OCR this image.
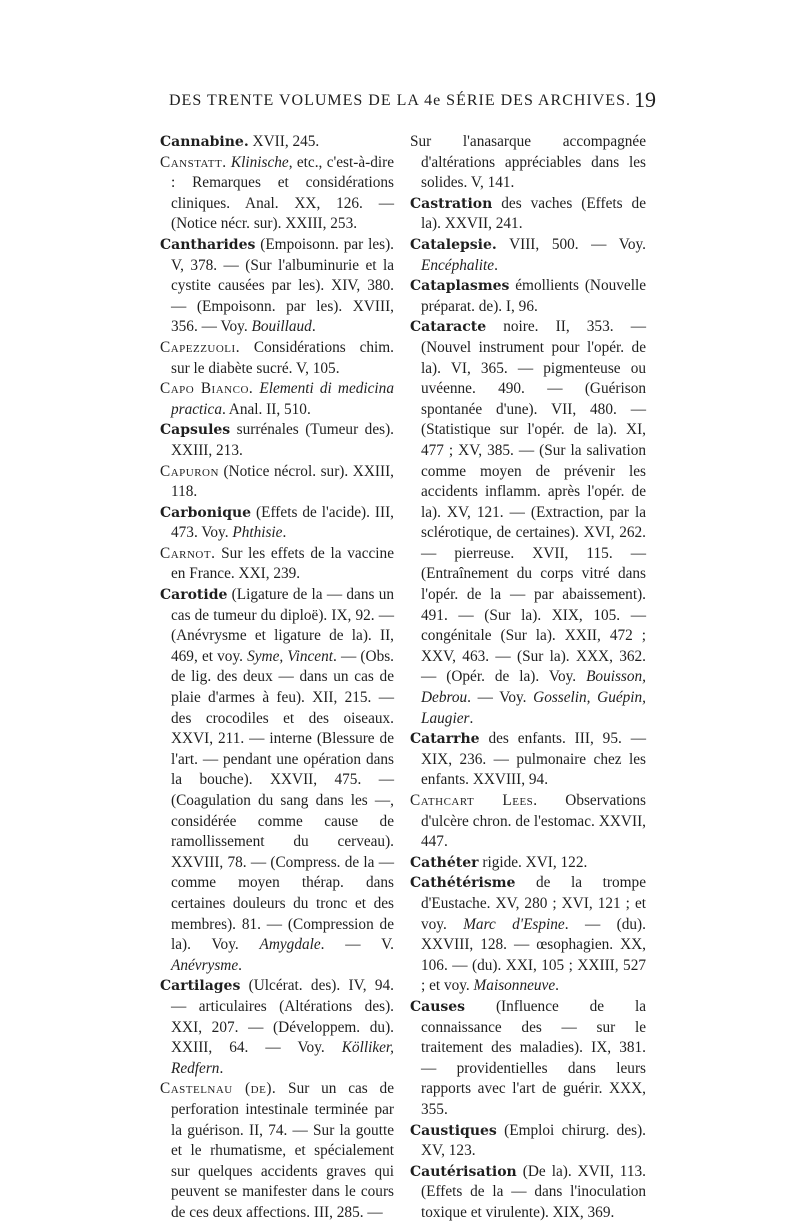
DES TRENTE VOLUMES DE LA 4e SÉRIE DES ARCHIVES. 19

Cannabine. XVII, 245.

Canstatt. Klinische, etc., c'est-à-dire : Remarques et considérations cliniques. Anal. XX, 126. — (Notice nécr. sur). XXIII, 253.

Cantharides (Empoisonn. par les). V, 378. — (Sur l'albuminurie et la cystite causées par les). XIV, 380. — (Empoisonn. par les). XVIII, 356. — Voy. Bouillaud.

Capezzuoli. Considérations chim. sur le diabète sucré. V, 105.

Capo Bianco. Elementi di medicina practica. Anal. II, 510.

Capsules surrénales (Tumeur des). XXIII, 213.

Capuron (Notice nécrol. sur). XXIII, 118.

Carbonique (Effets de l'acide). III, 473. Voy. Phthisie.

Carnot. Sur les effets de la vaccine en France. XXI, 239.

Carotide (Ligature de la — dans un cas de tumeur du diploë). IX, 92. — (Anévrysme et ligature de la). II, 469, et voy. Syme, Vincent. — (Obs. de lig. des deux — dans un cas de plaie d'armes à feu). XII, 215. — des crocodiles et des oiseaux. XXVI, 211. — interne (Blessure de l'art. — pendant une opération dans la bouche). XXVII, 475. — (Coagulation du sang dans les —, considérée comme cause de ramollissement du cerveau). XXVIII, 78. — (Compress. de la — comme moyen thérap. dans certaines douleurs du tronc et des membres). 81. — (Compression de la). Voy. Amygdale. — V. Anévrysme.

Cartilages (Ulcérat. des). IV, 94. — articulaires (Altérations des). XXI, 207. — (Développem. du). XXIII, 64. — Voy. Kölliker, Redfern.

Castelnau (de). Sur un cas de perforation intestinale terminée par la guérison. II, 74. — Sur la goutte et le rhumatisme, et spécialement sur quelques accidents graves qui peuvent se manifester dans le cours de ces deux affections. III, 285. —

Sur l'anasarque accompagnée d'altérations appréciables dans les solides. V, 141.

Castration des vaches (Effets de la). XXVII, 241.

Catalepsie. VIII, 500. — Voy. Encéphalite.

Cataplasmes émollients (Nouvelle préparat. de). I, 96.

Cataracte noire. II, 353. — (Nouvel instrument pour l'opér. de la). VI, 365. — pigmenteuse ou uvéenne. 490. — (Guérison spontanée d'une). VII, 480. — (Statistique sur l'opér. de la). XI, 477 ; XV, 385. — (Sur la salivation comme moyen de prévenir les accidents inflamm. après l'opér. de la). XV, 121. — (Extraction, par la sclérotique, de certaines). XVI, 262. — pierreuse. XVII, 115. — (Entraînement du corps vitré dans l'opér. de la — par abaissement). 491. — (Sur la). XIX, 105. — congénitale (Sur la). XXII, 472 ; XXV, 463. — (Sur la). XXX, 362. — (Opér. de la). Voy. Bouisson, Debrou. — Voy. Gosselin, Guépin, Laugier.

Catarrhe des enfants. III, 95. — XIX, 236. — pulmonaire chez les enfants. XXVIII, 94.

Cathcart Lees. Observations d'ulcère chron. de l'estomac. XXVII, 447.

Cathéter rigide. XVI, 122.

Cathétérisme de la trompe d'Eustache. XV, 280 ; XVI, 121 ; et voy. Marc d'Espine. — (du). XXVIII, 128. — œsophagien. XX, 106. — (du). XXI, 105 ; XXIII, 527 ; et voy. Maisonneuve.

Causes (Influence de la connaissance des — sur le traitement des maladies). IX, 381. — providentielles dans leurs rapports avec l'art de guérir. XXX, 355.

Caustiques (Emploi chirurg. des). XV, 123.

Cautérisation (De la). XVII, 113. (Effets de la — dans l'inoculation toxique et virulente). XIX, 369.
